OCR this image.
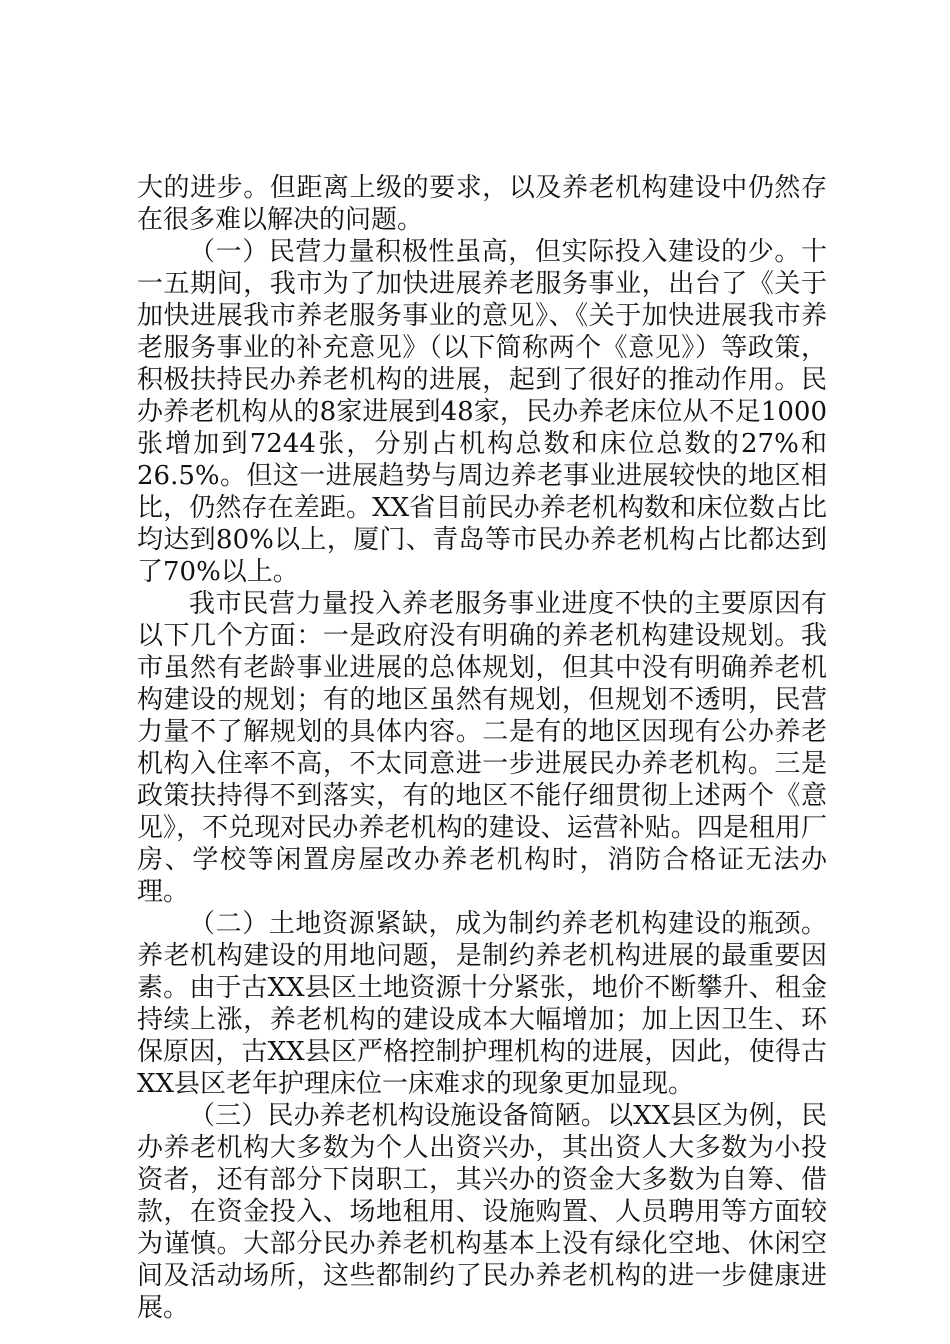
大的进步。但距离上级的要求，以及养老机构建设中仍然存在很多难以解决的问题。

（一）民营力量积极性虽高，但实际投入建设的少。十一五期间，我市为了加快进展养老服务事业，出台了《关于加快进展我市养老服务事业的意见》、《关于加快进展我市养老服务事业的补充意见》（以下简称两个《意见》）等政策，积极扶持民办养老机构的进展，起到了很好的推动作用。民办养老机构从的8家进展到48家，民办养老床位从不足1000张增加到7244张，分别占机构总数和床位总数的27%和26.5%。但这一进展趋势与周边养老事业进展较快的地区相比，仍然存在差距。XX省目前民办养老机构数和床位数占比均达到80%以上，厦门、青岛等市民办养老机构占比都达到了70%以上。

我市民营力量投入养老服务事业进度不快的主要原因有以下几个方面：一是政府没有明确的养老机构建设规划。我市虽然有老龄事业进展的总体规划，但其中没有明确养老机构建设的规划；有的地区虽然有规划，但规划不透明，民营力量不了解规划的具体内容。二是有的地区因现有公办养老机构入住率不高，不太同意进一步进展民办养老机构。三是政策扶持得不到落实，有的地区不能仔细贯彻上述两个《意见》，不兑现对民办养老机构的建设、运营补贴。四是租用厂房、学校等闲置房屋改办养老机构时，消防合格证无法办理。

（二）土地资源紧缺，成为制约养老机构建设的瓶颈。养老机构建设的用地问题，是制约养老机构进展的最重要因素。由于古XX县区土地资源十分紧张，地价不断攀升、租金持续上涨，养老机构的建设成本大幅增加；加上因卫生、环保原因，古XX县区严格控制护理机构的进展，因此，使得古XX县区老年护理床位一床难求的现象更加显现。

（三）民办养老机构设施设备简陋。以XX县区为例，民办养老机构大多数为个人出资兴办，其出资人大多数为小投资者，还有部分下岗职工，其兴办的资金大多数为自筹、借款，在资金投入、场地租用、设施购置、人员聘用等方面较为谨慎。大部分民办养老机构基本上没有绿化空地、休闲空间及活动场所，这些都制约了民办养老机构的进一步健康进展。
